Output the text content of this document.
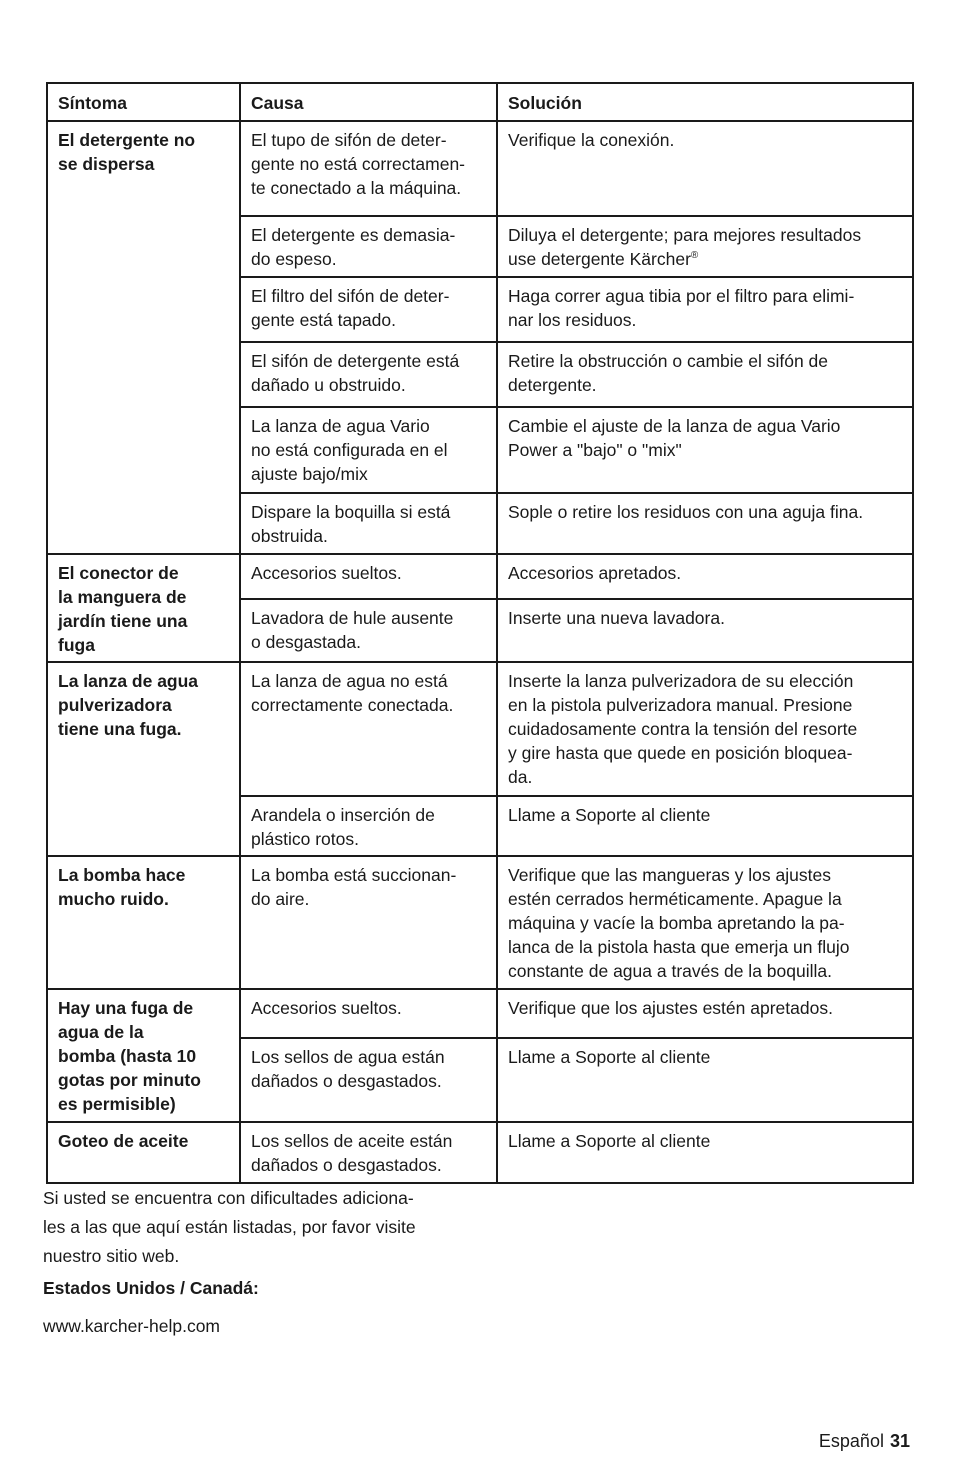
Síntoma	Causa	Solución

El detergente no
se dispersa	El tupo de sifón de deter-
gente no está correctamen-
te conectado a la máquina.	Verifique la conexión.

	El detergente es demasia-
do espeso.	Diluya el detergente; para mejores resultados
use detergente Kärcher®

	El filtro del sifón de deter-
gente está tapado.	Haga correr agua tibia por el filtro para elimi-
nar los residuos.

	El sifón de detergente está
dañado u obstruido.	Retire la obstrucción o cambie el sifón de
detergente.

	La lanza de agua Vario
no está configurada en el
ajuste bajo/mix	Cambie el ajuste de la lanza de agua Vario
Power a "bajo" o "mix"

	Dispare la boquilla si está
obstruida.	Sople o retire los residuos con una aguja fina.

El conector de
la manguera de
jardín tiene una
fuga	Accesorios sueltos.	Accesorios apretados.

	Lavadora de hule ausente
o desgastada.	Inserte una nueva lavadora.

La lanza de agua
pulverizadora
tiene una fuga.	La lanza de agua no está
correctamente conectada.	Inserte la lanza pulverizadora de su elección
en la pistola pulverizadora manual. Presione
cuidadosamente contra la tensión del resorte
y gire hasta que quede en posición bloquea-
da.

	Arandela o inserción de
plástico rotos.	Llame a Soporte al cliente

La bomba hace
mucho ruido.	La bomba está succionan-
do aire.	Verifique que las mangueras y los ajustes
estén cerrados herméticamente. Apague la
máquina y vacíe la bomba apretando la pa-
lanca de la pistola hasta que emerja un flujo
constante de agua a través de la boquilla.

Hay una fuga de
agua de la
bomba (hasta 10
gotas por minuto
es permisible)	Accesorios sueltos.	Verifique que los ajustes estén apretados.

	Los sellos de agua están
dañados o desgastados.	Llame a Soporte al cliente

Goteo de aceite	Los sellos de aceite están
dañados o desgastados.	Llame a Soporte al cliente
Si usted se encuentra con dificultades adiciona-
les a las que aquí están listadas, por favor visite
nuestro sitio web.
Estados Unidos / Canadá:
www.karcher-help.com
Español 31
